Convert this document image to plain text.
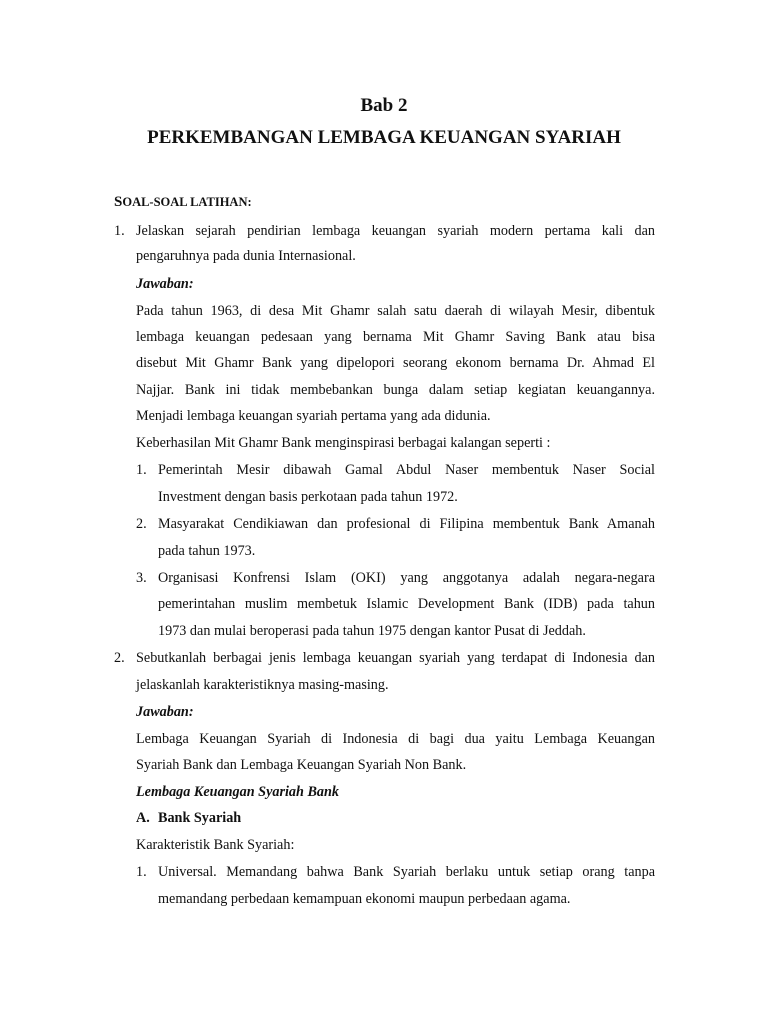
Bab 2
PERKEMBANGAN LEMBAGA KEUANGAN SYARIAH
SOAL-SOAL LATIHAN:
1. Jelaskan sejarah pendirian lembaga keuangan syariah modern pertama kali dan
pengaruhnya pada dunia Internasional.
Jawaban:
Pada tahun 1963, di desa Mit Ghamr salah satu daerah di wilayah Mesir, dibentuk
lembaga keuangan pedesaan yang bernama Mit Ghamr Saving Bank atau bisa
disebut Mit Ghamr Bank yang dipelopori seorang ekonom bernama Dr. Ahmad El
Najjar. Bank ini tidak membebankan bunga dalam setiap kegiatan keuangannya.
Menjadi lembaga keuangan syariah pertama yang ada didunia.
Keberhasilan Mit Ghamr Bank menginspirasi berbagai kalangan seperti :
1. Pemerintah Mesir dibawah Gamal Abdul Naser membentuk Naser Social
Investment dengan basis perkotaan pada tahun 1972.
2. Masyarakat Cendikiawan dan profesional di Filipina membentuk Bank Amanah
pada tahun 1973.
3. Organisasi Konfrensi Islam (OKI) yang anggotanya adalah negara-negara
pemerintahan muslim membetuk Islamic Development Bank (IDB) pada tahun
1973 dan mulai beroperasi pada tahun 1975 dengan kantor Pusat di Jeddah.
2. Sebutkanlah berbagai jenis lembaga keuangan syariah yang terdapat di Indonesia dan
jelaskanlah karakteristiknya masing-masing.
Jawaban:
Lembaga Keuangan Syariah di Indonesia di bagi dua yaitu Lembaga Keuangan
Syariah Bank dan Lembaga Keuangan Syariah Non Bank.
Lembaga Keuangan Syariah Bank
A. Bank Syariah
Karakteristik Bank Syariah:
1. Universal. Memandang bahwa Bank Syariah berlaku untuk setiap orang tanpa
memandang perbedaan kemampuan ekonomi maupun perbedaan agama.
